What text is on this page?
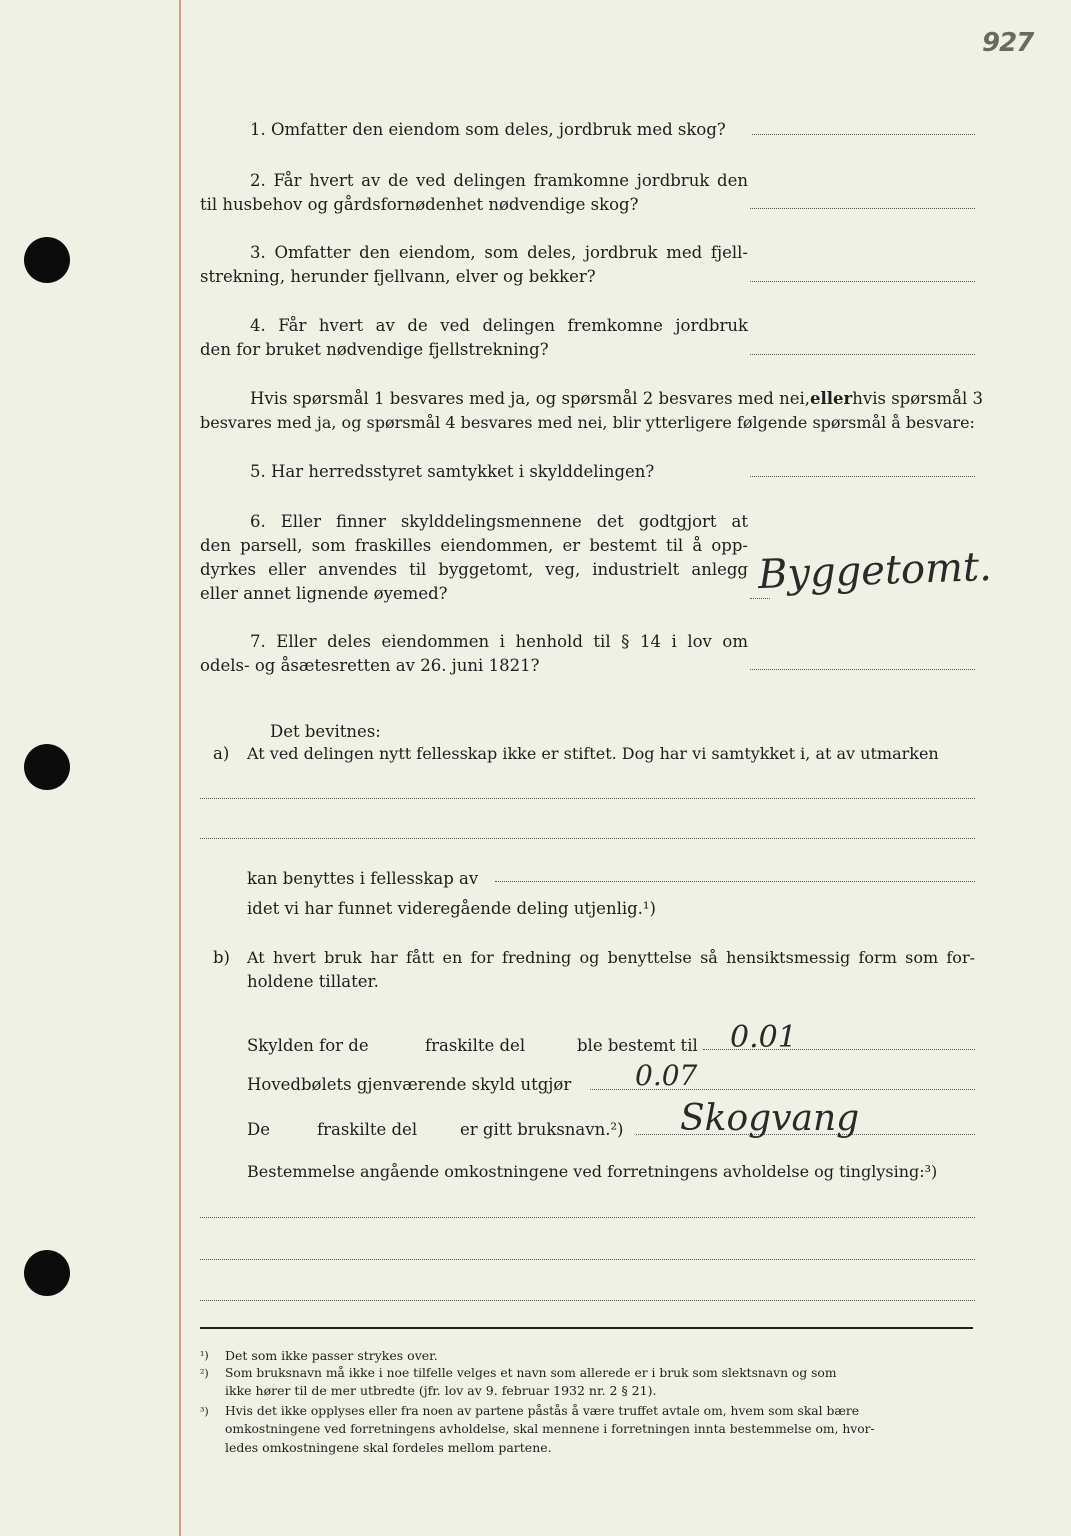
927
1. Omfatter den eiendom som deles, jordbruk med skog?
2. Får hvert av de ved delingen framkomne jordbruk den
til husbehov og gårdsfornødenhet nødvendige skog?
3. Omfatter den eiendom, som deles, jordbruk med fjell-
strekning, herunder fjellvann, elver og bekker?
4. Får hvert av de ved delingen fremkomne jordbruk
den for bruket nødvendige fjellstrekning?
Hvis spørsmål 1 besvares med ja, og spørsmål 2 besvares med nei, eller hvis spørsmål 3
besvares med ja, og spørsmål 4 besvares med nei, blir ytterligere følgende spørsmål å besvare:
5. Har herredsstyret samtykket i skylddelingen?
6. Eller finner skylddelingsmennene det godtgjort at
den parsell, som fraskilles eiendommen, er bestemt til å opp-
dyrkes eller anvendes til byggetomt, veg, industrielt anlegg
eller annet lignende øyemed?	Byggetomt.
7. Eller deles eiendommen i henhold til § 14 i lov om
odels- og åsætesretten av 26. juni 1821?
Det bevitnes:
a) At ved delingen nytt fellesskap ikke er stiftet. Dog har vi samtykket i, at av utmarken
kan benyttes i fellesskap av
idet vi har funnet videregående deling utjenlig.¹)
b) At hvert bruk har fått en for fredning og benyttelse så hensiktsmessig form som for-
holdene tillater.
Skylden for de	fraskilte del	ble bestemt til 0.01
Hovedbølets gjenværende skyld utgjør 0.07
De	fraskilte del	er gitt bruksnavn.²) Skogvang
Bestemmelse angående omkostningene ved forretningens avholdelse og tinglysing:³)
¹) Det som ikke passer strykes over.
²) Som bruksnavn må ikke i noe tilfelle velges et navn som allerede er i bruk som slektsnavn og som
ikke hører til de mer utbredte (jfr. lov av 9. februar 1932 nr. 2 § 21).
³) Hvis det ikke opplyses eller fra noen av partene påstås å være truffet avtale om, hvem som skal bære
omkostningene ved forretningens avholdelse, skal mennene i forretningen innta bestemmelse om, hvor-
ledes omkostningene skal fordeles mellom partene.
